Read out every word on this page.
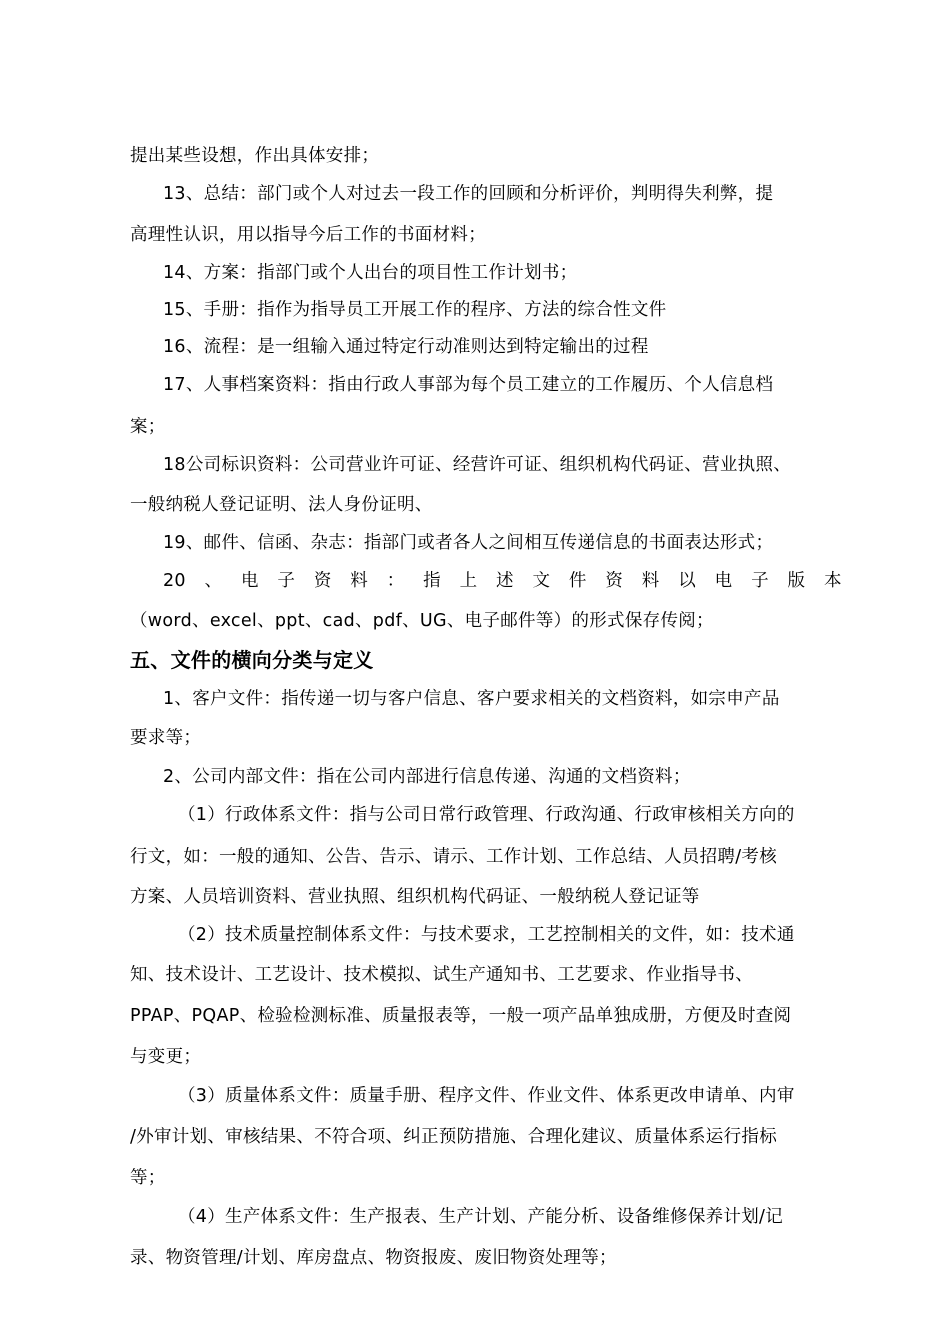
提出某些设想，作出具体安排；
13、总结：部门或个人对过去一段工作的回顾和分析评价，判明得失利弊，提
高理性认识，用以指导今后工作的书面材料；
14、方案：指部门或个人出台的项目性工作计划书；
15、手册：指作为指导员工开展工作的程序、方法的综合性文件
16、流程：是一组输入通过特定行动准则达到特定输出的过程
17、人事档案资料：指由行政人事部为每个员工建立的工作履历、个人信息档
案；
18公司标识资料：公司营业许可证、经营许可证、组织机构代码证、营业执照、
一般纳税人登记证明、法人身份证明、
19、邮件、信函、杂志：指部门或者各人之间相互传递信息的书面表达形式；
20 、 电 子 资 料 ： 指 上 述 文 件 资 料 以 电 子 版 本
（word、excel、ppt、cad、pdf、UG、电子邮件等）的形式保存传阅；
五、文件的横向分类与定义
1、客户文件：指传递一切与客户信息、客户要求相关的文档资料，如宗申产品
要求等；
2、公司内部文件：指在公司内部进行信息传递、沟通的文档资料；
（1）行政体系文件：指与公司日常行政管理、行政沟通、行政审核相关方向的
行文，如：一般的通知、公告、告示、请示、工作计划、工作总结、人员招聘/考核
方案、人员培训资料、营业执照、组织机构代码证、一般纳税人登记证等
（2）技术质量控制体系文件：与技术要求，工艺控制相关的文件，如：技术通
知、技术设计、工艺设计、技术模拟、试生产通知书、工艺要求、作业指导书、
PPAP、PQAP、检验检测标准、质量报表等，一般一项产品单独成册，方便及时查阅
与变更；
（3）质量体系文件：质量手册、程序文件、作业文件、体系更改申请单、内审
/外审计划、审核结果、不符合项、纠正预防措施、合理化建议、质量体系运行指标
等；
（4）生产体系文件：生产报表、生产计划、产能分析、设备维修保养计划/记
录、物资管理/计划、库房盘点、物资报废、废旧物资处理等；
